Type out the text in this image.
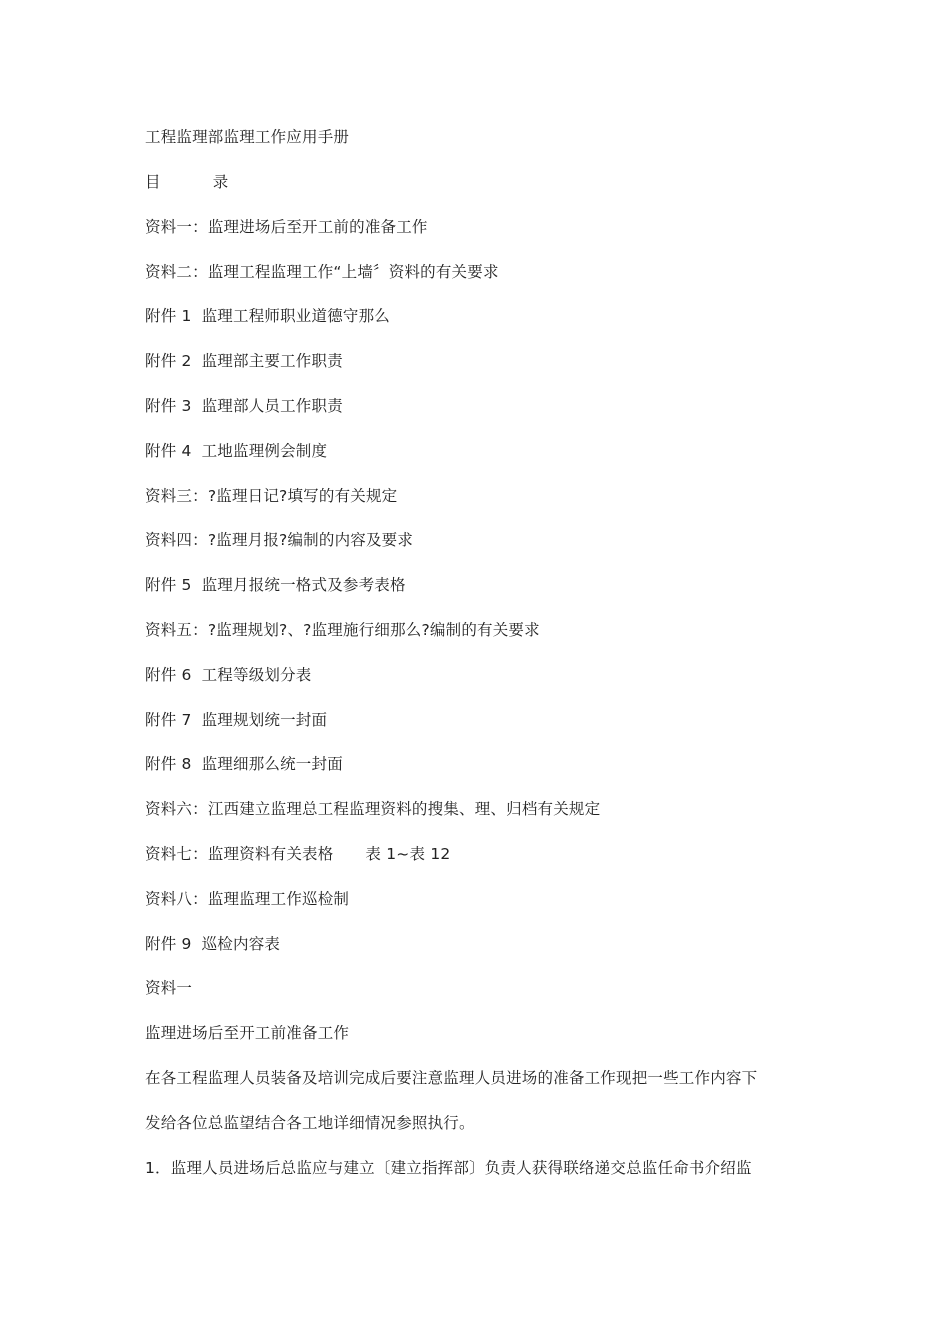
工程监理部监理工作应用手册
目	录
资料一：监理进场后至开工前的准备工作
资料二：监理工程监理工作“上墙〞资料的有关要求
附件 1 监理工程师职业道德守那么
附件 2 监理部主要工作职责
附件 3 监理部人员工作职责
附件 4 工地监理例会制度
资料三：?监理日记?填写的有关规定
资料四：?监理月报?编制的内容及要求
附件 5 监理月报统一格式及参考表格
资料五：?监理规划?、?监理施行细那么?编制的有关要求
附件 6 工程等级划分表
附件 7 监理规划统一封面
附件 8 监理细那么统一封面
资料六：江西建立监理总工程监理资料的搜集、理、归档有关规定
资料七：监理资料有关表格 表 1~表 12
资料八：监理监理工作巡检制
附件 9 巡检内容表
资料一
监理进场后至开工前准备工作
在各工程监理人员装备及培训完成后要注意监理人员进场的准备工作现把一些工作内容下
发给各位总监望结合各工地详细情况参照执行。
1．监理人员进场后总监应与建立〔建立指挥部〕负责人获得联络递交总监任命书介绍监
